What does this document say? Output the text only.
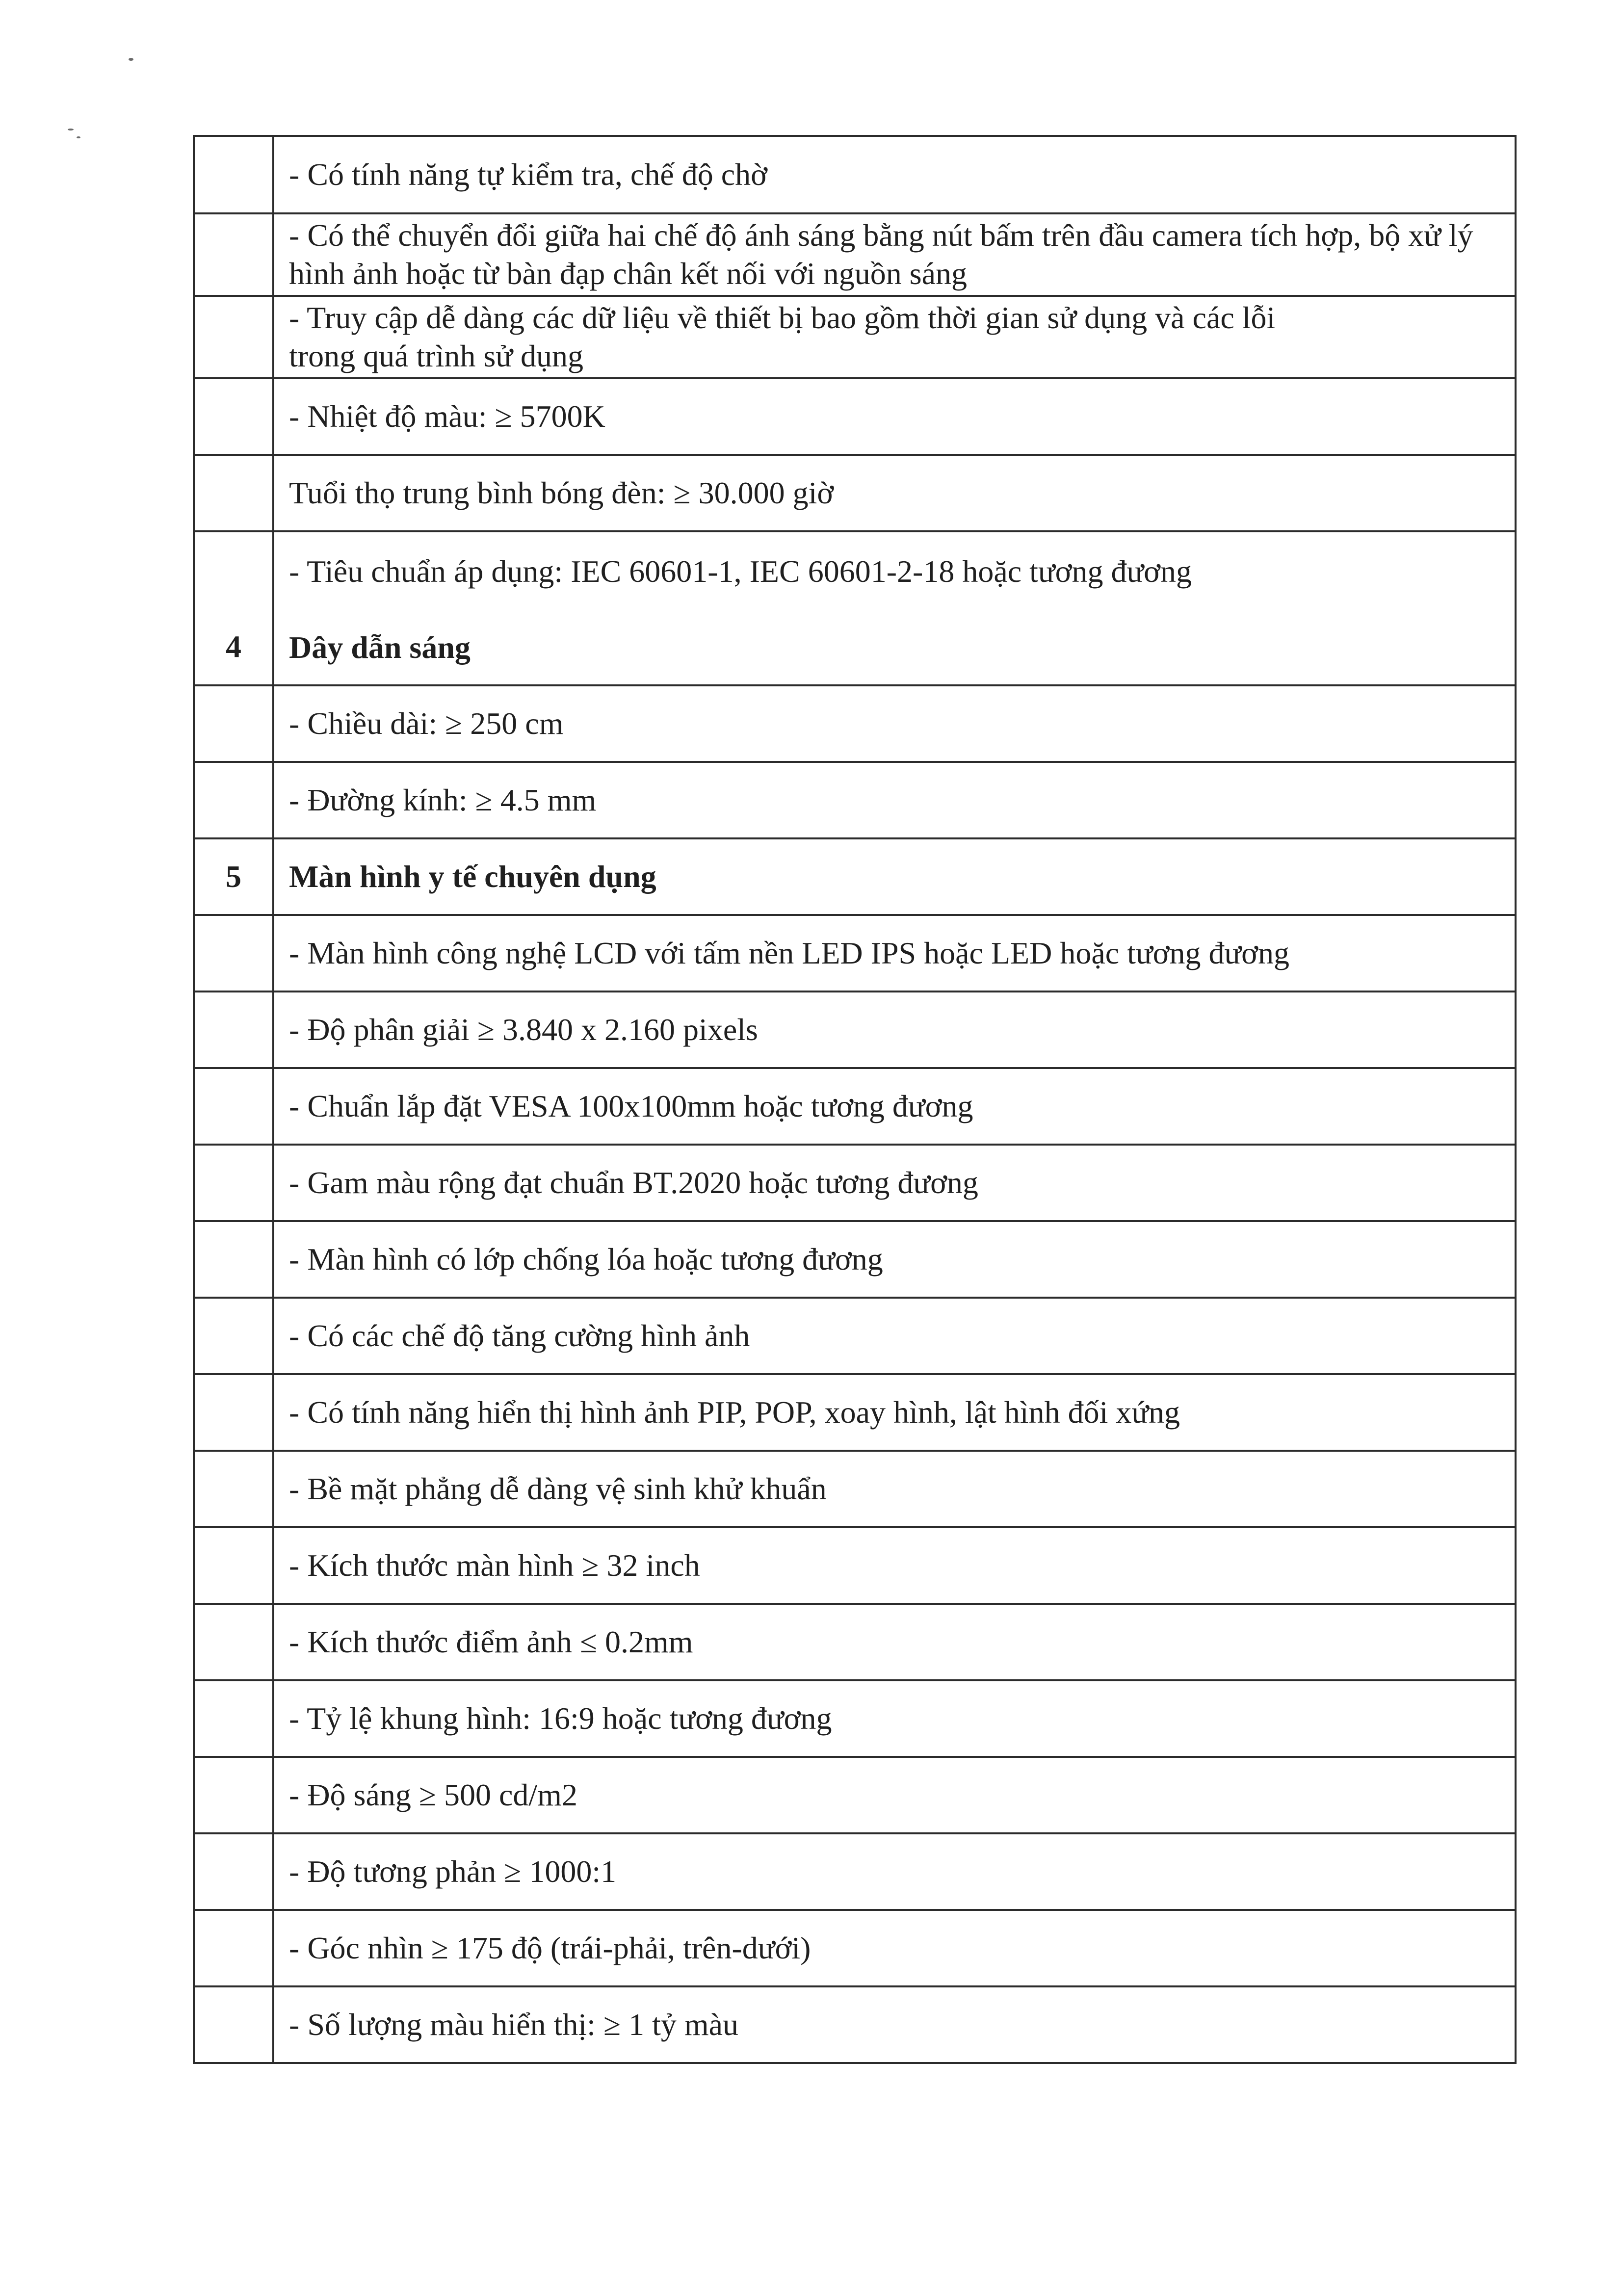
	- Có tính năng tự kiểm tra, chế độ chờ
	- Có thể chuyển đổi giữa hai chế độ ánh sáng bằng nút bấm trên đầu camera tích hợp, bộ xử lý hình ảnh hoặc từ bàn đạp chân kết nối với nguồn sáng

	- Truy cập dễ dàng các dữ liệu về thiết bị bao gồm thời gian sử dụng và các lỗi trong quá trình sử dụng

	- Nhiệt độ màu: ≥ 5700K
	Tuổi thọ trung bình bóng đèn: ≥ 30.000 giờ
4	- Tiêu chuẩn áp dụng: IEC 60601-1, IEC 60601-2-18 hoặc tương đương
Dây dẫn sáng

	- Chiều dài: ≥ 250 cm
	- Đường kính: ≥ 4.5 mm
5	Màn hình y tế chuyên dụng
	- Màn hình công nghệ LCD với tấm nền LED IPS hoặc LED hoặc tương đương
	- Độ phân giải ≥ 3.840 x 2.160 pixels
	- Chuẩn lắp đặt VESA 100x100mm hoặc tương đương
	- Gam màu rộng đạt chuẩn BT.2020 hoặc tương đương
	- Màn hình có lớp chống lóa hoặc tương đương
	- Có các chế độ tăng cường hình ảnh
	- Có tính năng hiển thị hình ảnh PIP, POP, xoay hình, lật hình đối xứng
	- Bề mặt phẳng dễ dàng vệ sinh khử khuẩn
	- Kích thước màn hình ≥ 32 inch
	- Kích thước điểm ảnh ≤ 0.2mm
	- Tỷ lệ khung hình: 16:9 hoặc tương đương
	- Độ sáng ≥ 500 cd/m2
	- Độ tương phản ≥ 1000:1
	- Góc nhìn ≥ 175 độ (trái-phải, trên-dưới)
	- Số lượng màu hiển thị: ≥ 1 tỷ màu
